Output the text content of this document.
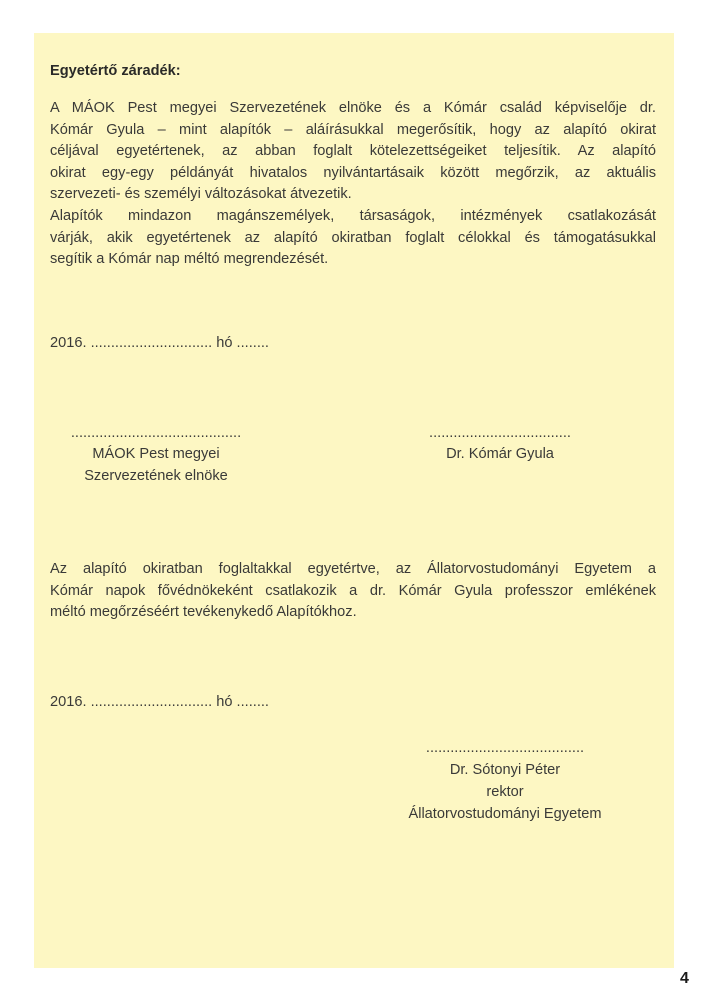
Egyetértő záradék:
A MÁOK Pest megyei Szervezetének elnöke és a Kómár család képviselője dr.
Kómár Gyula – mint alapítók – aláírásukkal megerősítik, hogy az alapító okirat
céljával egyetértenek, az abban foglalt kötelezettségeiket teljesítik. Az alapító
okirat egy-egy példányát hivatalos nyilvántartásaik között megőrzik, az aktuális
szervezeti- és személyi változásokat átvezetik.
Alapítók mindazon magánszemélyek, társaságok, intézmények csatlakozását
várják, akik egyetértenek az alapító okiratban foglalt célokkal és támogatásukkal
segítik a Kómár nap méltó megrendezését.
2016. .............................. hó ........
..........................................
MÁOK Pest megyei
Szervezetének elnöke
...................................
Dr. Kómár Gyula
Az alapító okiratban foglaltakkal egyetértve, az Állatorvostudományi Egyetem a
Kómár napok fővédnökeként csatlakozik a dr. Kómár Gyula professzor emlékének
méltó megőrzéséért tevékenykedő Alapítókhoz.
2016. .............................. hó ........
.......................................
Dr. Sótonyi Péter
rektor
Állatorvostudományi Egyetem
4
